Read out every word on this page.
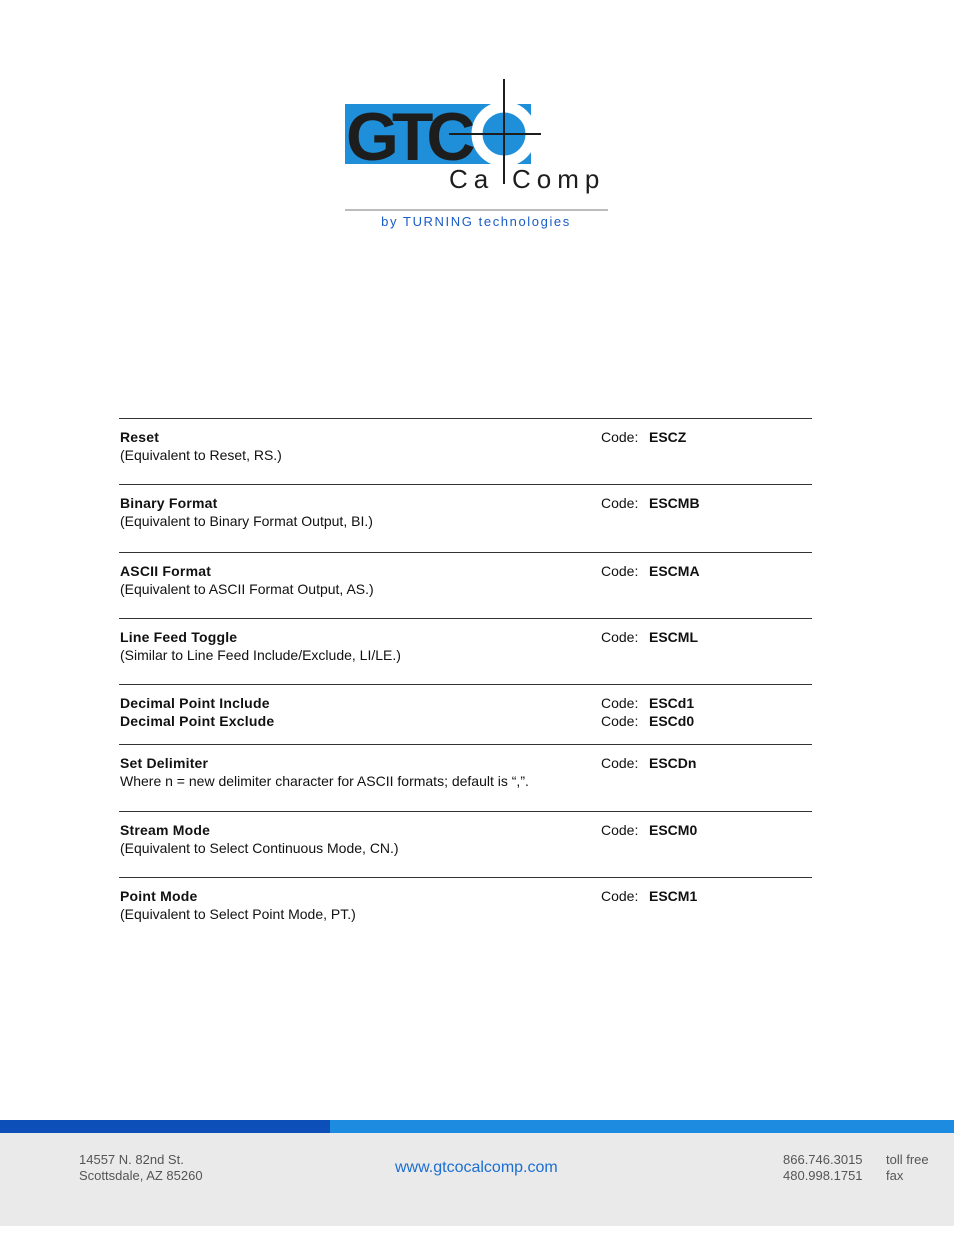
GTC
Ca Comp
by TURNING technologies
Reset
(Equivalent to Reset, RS.)
Code: ESCZ
Binary Format
(Equivalent to Binary Format Output, BI.)
Code: ESCMB
ASCII Format
(Equivalent to ASCII Format Output, AS.)
Code: ESCMA
Line Feed Toggle
(Similar to Line Feed Include/Exclude, LI/LE.)
Code: ESCML
Decimal Point Include
Decimal Point Exclude
Code: ESCd1
Code: ESCd0
Set Delimiter
Where n = new delimiter character for ASCII formats; default is “,”.
Code: ESCDn
Stream Mode
(Equivalent to Select Continuous Mode, CN.)
Code: ESCM0
Point Mode
(Equivalent to Select Point Mode, PT.)
Code: ESCM1
14557 N. 82nd St.
Scottsdale, AZ 85260	www.gtcocalcomp.com	866.746.3015
480.998.1751
toll free
fax
